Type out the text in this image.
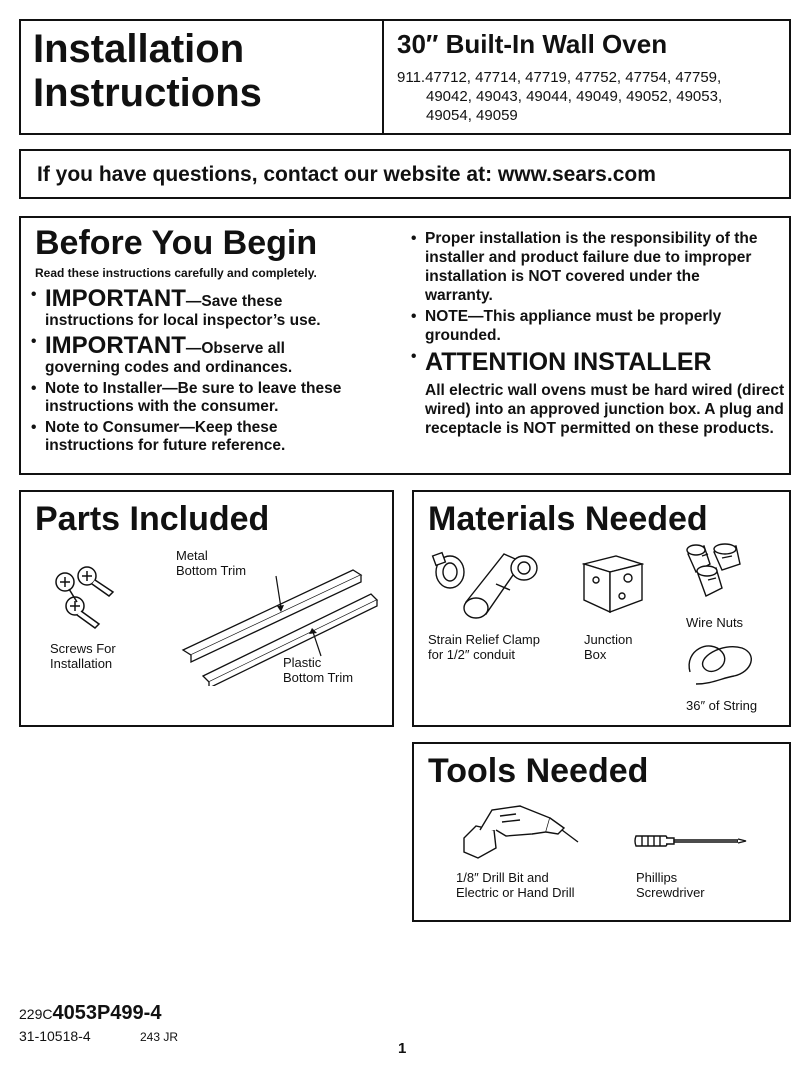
Installation
Instructions
30″ Built-In Wall Oven
911.47712, 47714, 47719, 47752, 47754, 47759,
49042, 49043, 49044, 49049, 49052, 49053,
49054, 49059
If you have questions, contact our website at: www.sears.com
Before You Begin
Read these instructions carefully and completely.
• IMPORTANT—Save these
instructions for local inspector’s use.
• IMPORTANT—Observe all
governing codes and ordinances.
• Note to Installer—Be sure to leave these instructions with the consumer.
• Note to Consumer—Keep these instructions for future reference.
• Proper installation is the responsibility of the installer and product failure due to improper installation is NOT covered under the warranty.
• NOTE—This appliance must be properly grounded.
• ATTENTION INSTALLER
All electric wall ovens must be hard wired (direct wired) into an approved junction box. A plug and receptacle is NOT permitted on these products.
Parts Included
Metal
Bottom Trim
Screws For
Installation	Plastic
Bottom Trim
Materials Needed
Strain Relief Clamp
for 1/2″ conduit
Junction
Box
Wire Nuts
36″ of String
Tools Needed
1/8″ Drill Bit and
Electric or Hand Drill
Phillips
Screwdriver
229C4053P499-4
31-10518-4	243 JR
1
